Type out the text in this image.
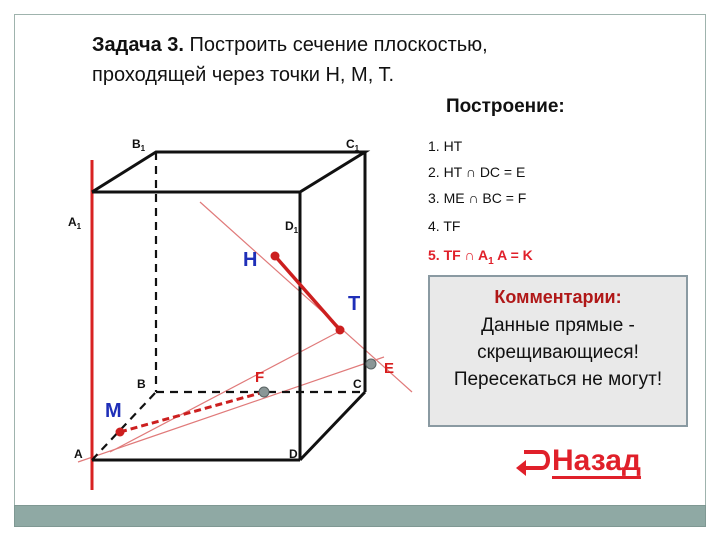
Задача 3. Построить сечение плоскостью,
проходящей через точки H, M, T.
$B_1$	$C_1$
$A_1$	$D_1$
B	C
A	D
H
T
M
F
E
Построение:
1. HT
2. HT ∩ DC = E
3. ME ∩ BC = F
4. TF
5. TF ∩ $A_1$ A = K
Комментарии:
Данные прямые - скрещивающиеся! Пересекаться не могут!
Назад
